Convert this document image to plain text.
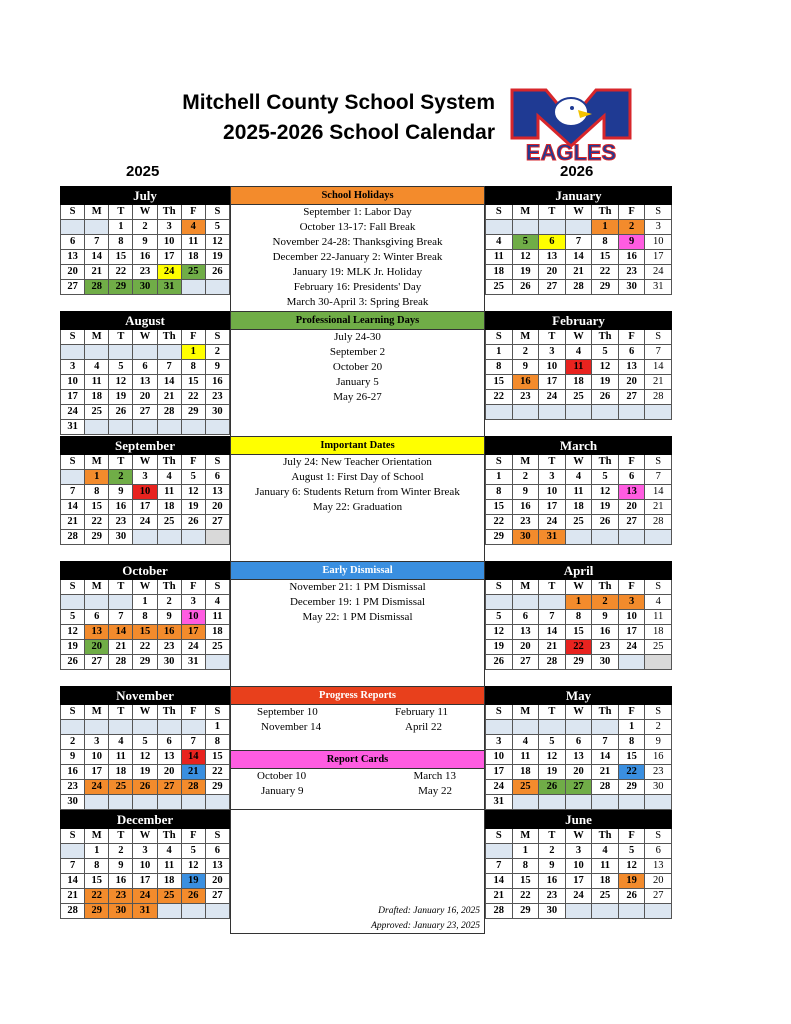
Mitchell County School System
2025-2026 School Calendar
EAGLES
2025	2026
July						
S	M	T	W	Th	F	S
		1	2	3	4	5
6	7	8	9	10	11	12
13	14	15	16	17	18	19
20	21	22	23	24	25	26
27	28	29	30	31		
August						
S	M	T	W	Th	F	S
					1	2
3	4	5	6	7	8	9
10	11	12	13	14	15	16
17	18	19	20	21	22	23
24	25	26	27	28	29	30
31						
September						
S	M	T	W	Th	F	S
	1	2	3	4	5	6
7	8	9	10	11	12	13
14	15	16	17	18	19	20
21	22	23	24	25	26	27
28	29	30				
October						
S	M	T	W	Th	F	S
			1	2	3	4
5	6	7	8	9	10	11
12	13	14	15	16	17	18
19	20	21	22	23	24	25
26	27	28	29	30	31	
November						
S	M	T	W	Th	F	S
						1
2	3	4	5	6	7	8
9	10	11	12	13	14	15
16	17	18	19	20	21	22
23	24	25	26	27	28	29
30						
December						
S	M	T	W	Th	F	S
	1	2	3	4	5	6
7	8	9	10	11	12	13
14	15	16	17	18	19	20
21	22	23	24	25	26	27
28	29	30	31			
January						
S	M	T	W	Th	F	S
				1	2	3
4	5	6	7	8	9	10
11	12	13	14	15	16	17
18	19	20	21	22	23	24
25	26	27	28	29	30	31
February						
S	M	T	W	Th	F	S
1	2	3	4	5	6	7
8	9	10	11	12	13	14
15	16	17	18	19	20	21
22	23	24	25	26	27	28

March						
S	M	T	W	Th	F	S
1	2	3	4	5	6	7
8	9	10	11	12	13	14
15	16	17	18	19	20	21
22	23	24	25	26	27	28
29	30	31				
April						
S	M	T	W	Th	F	S
			1	2	3	4
5	6	7	8	9	10	11
12	13	14	15	16	17	18
19	20	21	22	23	24	25
26	27	28	29	30		
May						
S	M	T	W	Th	F	S
					1	2
3	4	5	6	7	8	9
10	11	12	13	14	15	16
17	18	19	20	21	22	23
24	25	26	27	28	29	30
31						
June						
S	M	T	W	Th	F	S
	1	2	3	4	5	6
7	8	9	10	11	12	13
14	15	16	17	18	19	20
21	22	23	24	25	26	27
28	29	30				
School Holidays
September 1: Labor Day
October 13-17: Fall Break
November 24-28: Thanksgiving Break
December 22-January 2: Winter Break
January 19: MLK Jr. Holiday
February 16: Presidents' Day
March 30-April 3: Spring Break
Professional Learning Days
July 24-30
September 2
October 20
January 5
May 26-27
Important Dates
July 24: New Teacher Orientation
August 1: First Day of School
January 6: Students Return from Winter Break
May 22: Graduation
Early Dismissal
November 21: 1 PM Dismissal
December 19: 1 PM Dismissal
May 22: 1 PM Dismissal
Progress Reports
September 10	February 11
November 14	April 22
Report Cards
October 10	March 13
January 9	May 22
Drafted: January 16, 2025
Approved: January 23, 2025
